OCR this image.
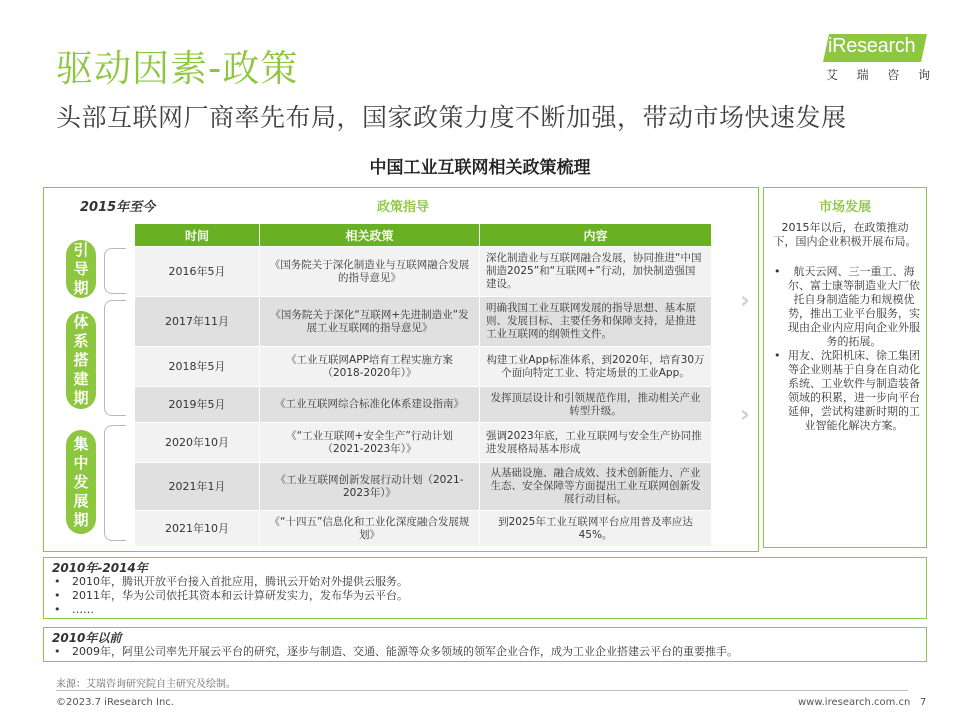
驱动因素-政策
头部互联网厂商率先布局，国家政策力度不断加强，带动市场快速发展
iResearch
艾 瑞 咨 询
中国工业互联网相关政策梳理
2015年至今	政策指导
引
导
期
体
系
搭
建
期
集
中
发
展
期
时间	相关政策	内容
2016年5月	《国务院关于深化制造业与互联网融合发展的指导意见》	深化制造业与互联网融合发展，协同推进“中国制造2025”和“互联网+”行动，加快制造强国建设。
2017年11月	《国务院关于深化“互联网+先进制造业”发展工业互联网的指导意见》	明确我国工业互联网发展的指导思想、基本原则、发展目标、主要任务和保障支持，是推进工业互联网的纲领性文件。
2018年5月	《工业互联网APP培育工程实施方案（2018-2020年）》	构建工业App标准体系，到2020年，培育30万个面向特定工业、特定场景的工业App。
2019年5月	《工业互联网综合标准化体系建设指南》	发挥顶层设计和引领规范作用，推动相关产业转型升级。
2020年10月	《“工业互联网+安全生产”行动计划（2021-2023年）》	强调2023年底，工业互联网与安全生产协同推进发展格局基本形成
2021年1月	《工业互联网创新发展行动计划（2021-2023年）》	从基础设施、融合成效、技术创新能力、产业生态、安全保障等方面提出工业互联网创新发展行动目标。
2021年10月	《“十四五”信息化和工业化深度融合发展规划》	到2025年工业互联网平台应用普及率应达45%。
›
›
市场发展
2015年以后，在政策推动下，国内企业积极开展布局。
• 航天云网、三一重工、海尔、富士康等制造业大厂依托自身制造能力和规模优势，推出工业平台服务，实现由企业内应用向企业外服务的拓展。
• 用友、沈阳机床、徐工集团等企业则基于自身在自动化系统、工业软件与制造装备领域的积累，进一步向平台延伸，尝试构建新时期的工业智能化解决方案。
2010年-2014年
• 2010年，腾讯开放平台接入首批应用，腾讯云开始对外提供云服务。
• 2011年，华为公司依托其资本和云计算研发实力，发布华为云平台。
• ……
2010年以前
• 2009年，阿里公司率先开展云平台的研究，逐步与制造、交通、能源等众多领域的领军企业合作，成为工业企业搭建云平台的重要推手。
来源：艾瑞咨询研究院自主研究及绘制。
©2023.7 iResearch Inc.	www.iresearch.com.cn 7
